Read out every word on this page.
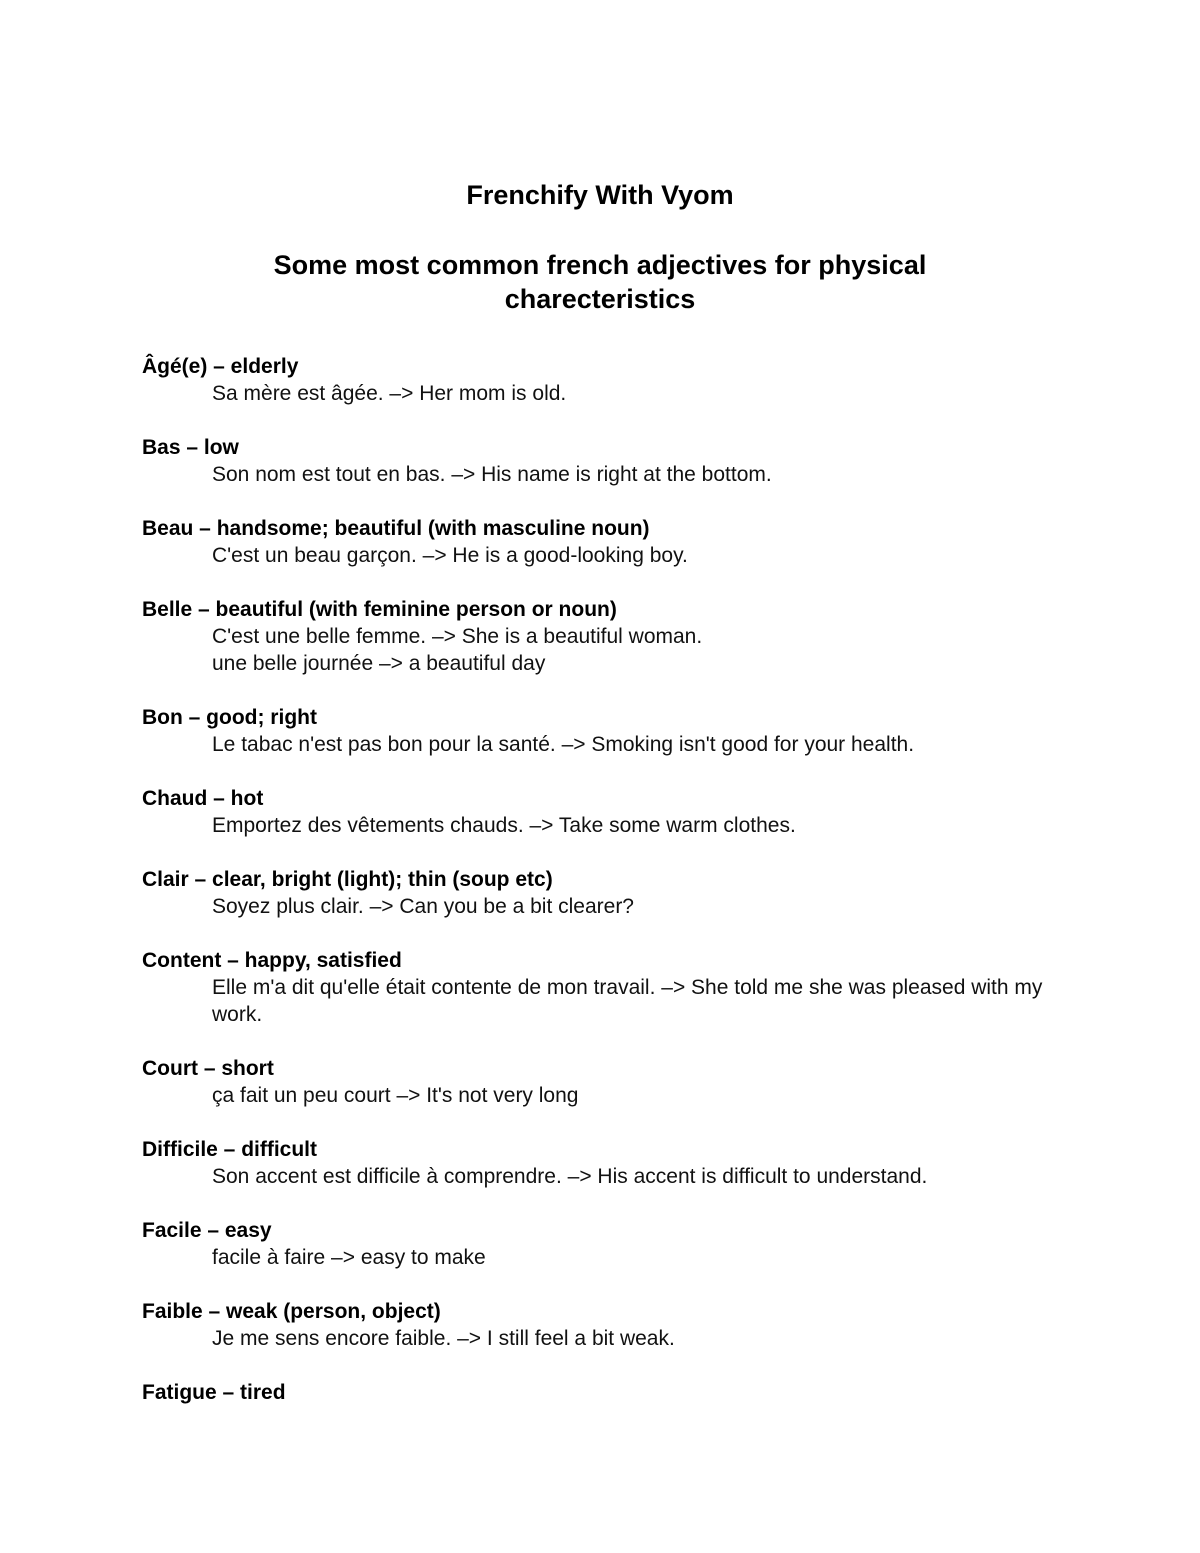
Frenchify With Vyom
Some most common french adjectives for physical charecteristics
Âgé(e) – elderly
Sa mère est âgée. –> Her mom is old.
Bas – low
Son nom est tout en bas. –> His name is right at the bottom.
Beau – handsome; beautiful (with masculine noun)
C'est un beau garçon. –> He is a good-looking boy.
Belle – beautiful (with feminine person or noun)
C'est une belle femme. –> She is a beautiful woman.
une belle journée –> a beautiful day
Bon – good; right
Le tabac n'est pas bon pour la santé. –> Smoking isn't good for your health.
Chaud – hot
Emportez des vêtements chauds. –> Take some warm clothes.
Clair – clear, bright (light); thin (soup etc)
Soyez plus clair. –> Can you be a bit clearer?
Content – happy, satisfied
Elle m'a dit qu'elle était contente de mon travail. –> She told me she was pleased with my work.
Court – short
ça fait un peu court –> It's not very long
Difficile – difficult
Son accent est difficile à comprendre. –> His accent is difficult to understand.
Facile – easy
facile à faire –> easy to make
Faible – weak (person, object)
Je me sens encore faible. –> I still feel a bit weak.
Fatigue – tired
